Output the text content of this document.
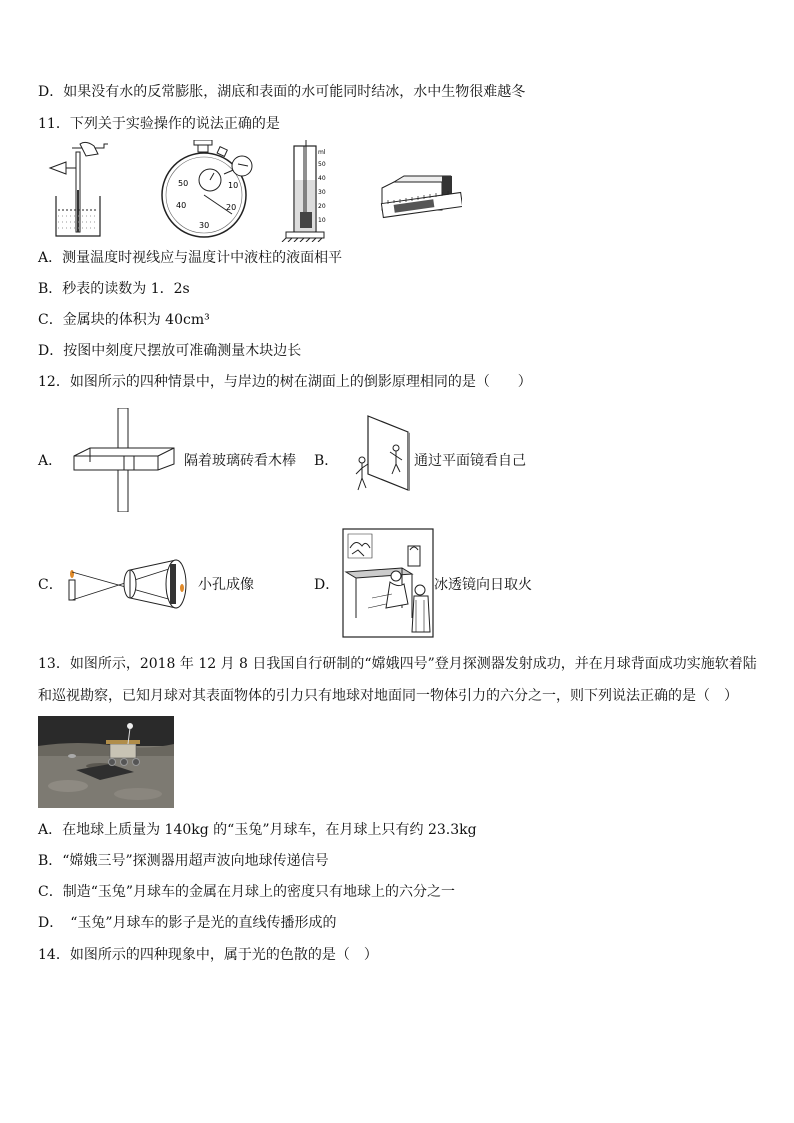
D．如果没有水的反常膨胀，湖底和表面的水可能同时结冰，水中生物很难越冬
11．下列关于实验操作的说法正确的是
50	10
40	20
30
ml
50
40
30
20
10
A．测量温度时视线应与温度计中液柱的液面相平
B．秒表的读数为 1．2s
C．金属块的体积为 40cm³
D．按图中刻度尺摆放可准确测量木块边长
12．如图所示的四种情景中，与岸边的树在湖面上的倒影原理相同的是（　　）
A．	隔着玻璃砖看木棒 B．	通过平面镜看自己
C．	小孔成像	D．	冰透镜向日取火
13．如图所示，2018 年 12 月 8 日我国自行研制的“嫦娥四号”登月探测器发射成功，并在月球背面成功实施软着陆
和巡视勘察，已知月球对其表面物体的引力只有地球对地面同一物体引力的六分之一，则下列说法正确的是（　）
A．在地球上质量为 140kg 的“玉兔”月球车，在月球上只有约 23.3kg
B．“嫦娥三号”探测器用超声波向地球传递信号
C．制造“玉兔”月球车的金属在月球上的密度只有地球上的六分之一
D．　“玉兔”月球车的影子是光的直线传播形成的
14．如图所示的四种现象中，属于光的色散的是（　）
